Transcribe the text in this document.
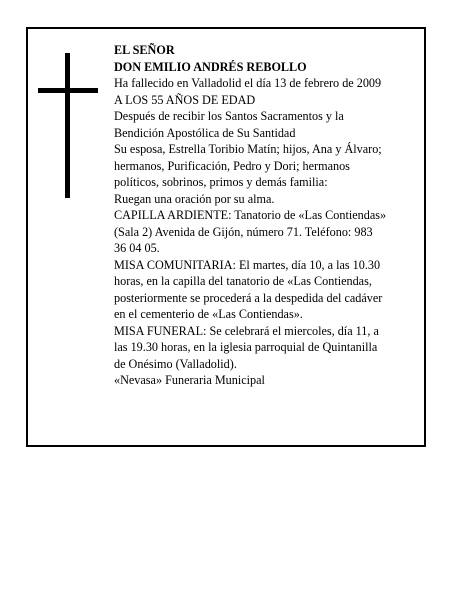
EL SEÑOR
DON EMILIO ANDRÉS REBOLLO
Ha fallecido en Valladolid el día 13 de febrero de 2009
A LOS 55 AÑOS DE EDAD
Después de recibir los Santos Sacramentos y la
Bendición Apostólica de Su Santidad
Su esposa, Estrella Toribio Matín; hijos, Ana y Álvaro;
hermanos, Purificación, Pedro y Dori; hermanos
políticos, sobrinos, primos y demás familia:
Ruegan una oración por su alma.
CAPILLA ARDIENTE: Tanatorio de «Las Contiendas»
(Sala 2) Avenida de Gijón, número 71. Teléfono: 983
36 04 05.
MISA COMUNITARIA: El martes, día 10, a las 10.30
horas, en la capilla del tanatorio de «Las Contiendas,
posteriormente se procederá a la despedida del cadáver
en el cementerio de «Las Contiendas».
MISA FUNERAL: Se celebrará el miercoles, día 11, a
las 19.30 horas, en la iglesia parroquial de Quintanilla
de Onésimo (Valladolid).
«Nevasa» Funeraria Municipal
